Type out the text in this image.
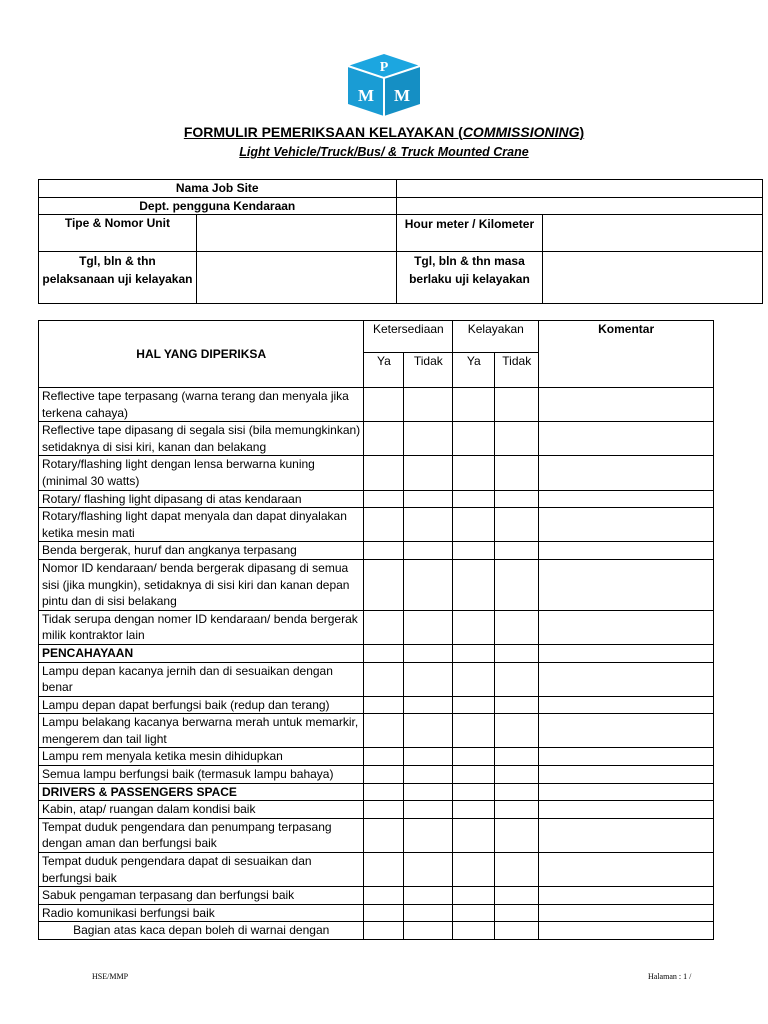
P
M M
FORMULIR PEMERIKSAAN KELAYAKAN (COMMISSIONING)
Light Vehicle/Truck/Bus/ & Truck Mounted Crane
Nama Job Site			
Dept. pengguna Kendaraan			
Tipe & Nomor Unit		Hour meter / Kilometer	
Tgl, bln & thn pelaksanaan uji kelayakan		Tgl, bln & thn masa berlaku uji kelayakan	
HAL YANG DIPERIKSA	Ketersediaan		Kelayakan		Komentar
	Ya	Tidak	Ya	Tidak	
Reflective tape terpasang (warna terang dan menyala jika terkena cahaya)					
Reflective tape dipasang di segala sisi (bila memungkinkan) setidaknya di sisi kiri, kanan dan belakang					
Rotary/flashing light dengan lensa berwarna kuning (minimal 30 watts)					
Rotary/ flashing light dipasang di atas kendaraan					
Rotary/flashing light dapat menyala dan dapat dinyalakan ketika mesin mati					
Benda bergerak, huruf dan angkanya terpasang					
Nomor ID kendaraan/ benda bergerak dipasang di semua sisi (jika mungkin), setidaknya di sisi kiri dan kanan depan pintu dan di sisi belakang					
Tidak serupa dengan nomer ID kendaraan/ benda bergerak milik kontraktor lain					
PENCAHAYAAN					
Lampu depan kacanya jernih dan di sesuaikan dengan benar					
Lampu depan dapat berfungsi baik (redup dan terang)					
Lampu belakang kacanya berwarna merah untuk memarkir, mengerem dan tail light					
Lampu rem menyala ketika mesin dihidupkan					
Semua lampu berfungsi baik (termasuk lampu bahaya)					
DRIVERS & PASSENGERS SPACE					
Kabin, atap/ ruangan dalam kondisi baik					
Tempat duduk pengendara dan penumpang terpasang dengan aman dan berfungsi baik					
Tempat duduk pengendara dapat di sesuaikan dan berfungsi baik					
Sabuk pengaman terpasang dan berfungsi baik					
Radio komunikasi berfungsi baik					
Bagian atas kaca depan boleh di warnai dengan					
HSE/MMP	Halaman : 1 /
